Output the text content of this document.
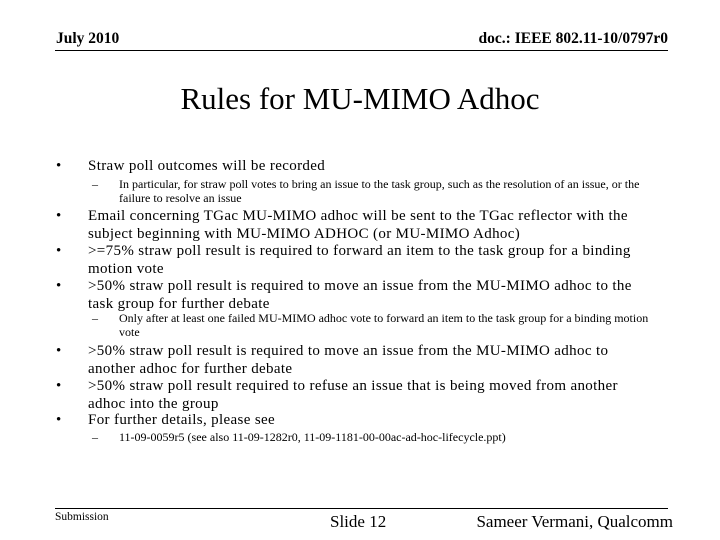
July 2010	doc.: IEEE 802.11-10/0797r0
Rules for MU-MIMO Adhoc
•	Straw poll outcomes will be recorded
–	In particular, for straw poll votes to bring an issue to the task group, such as the resolution of an issue, or the failure to resolve an issue
•	Email concerning TGac MU-MIMO adhoc will be sent to the TGac reflector with the subject beginning with MU-MIMO ADHOC (or MU-MIMO Adhoc)
•	>=75% straw poll result is required to forward an item to the task group for a binding motion vote
•	>50% straw poll result is required to move an issue from the MU-MIMO adhoc to the task group for further debate
–	Only after at least one failed MU-MIMO adhoc vote to forward an item to the task group for a binding motion vote
•	>50% straw poll result is required to move an issue from the MU-MIMO adhoc to another adhoc for further debate
•	>50% straw poll result required to refuse an issue that is being moved from another adhoc into the group
•	For further details, please see
–	11-09-0059r5 (see also 11-09-1282r0, 11-09-1181-00-00ac-ad-hoc-lifecycle.ppt)
Submission	Slide 12	Sameer Vermani, Qualcomm
